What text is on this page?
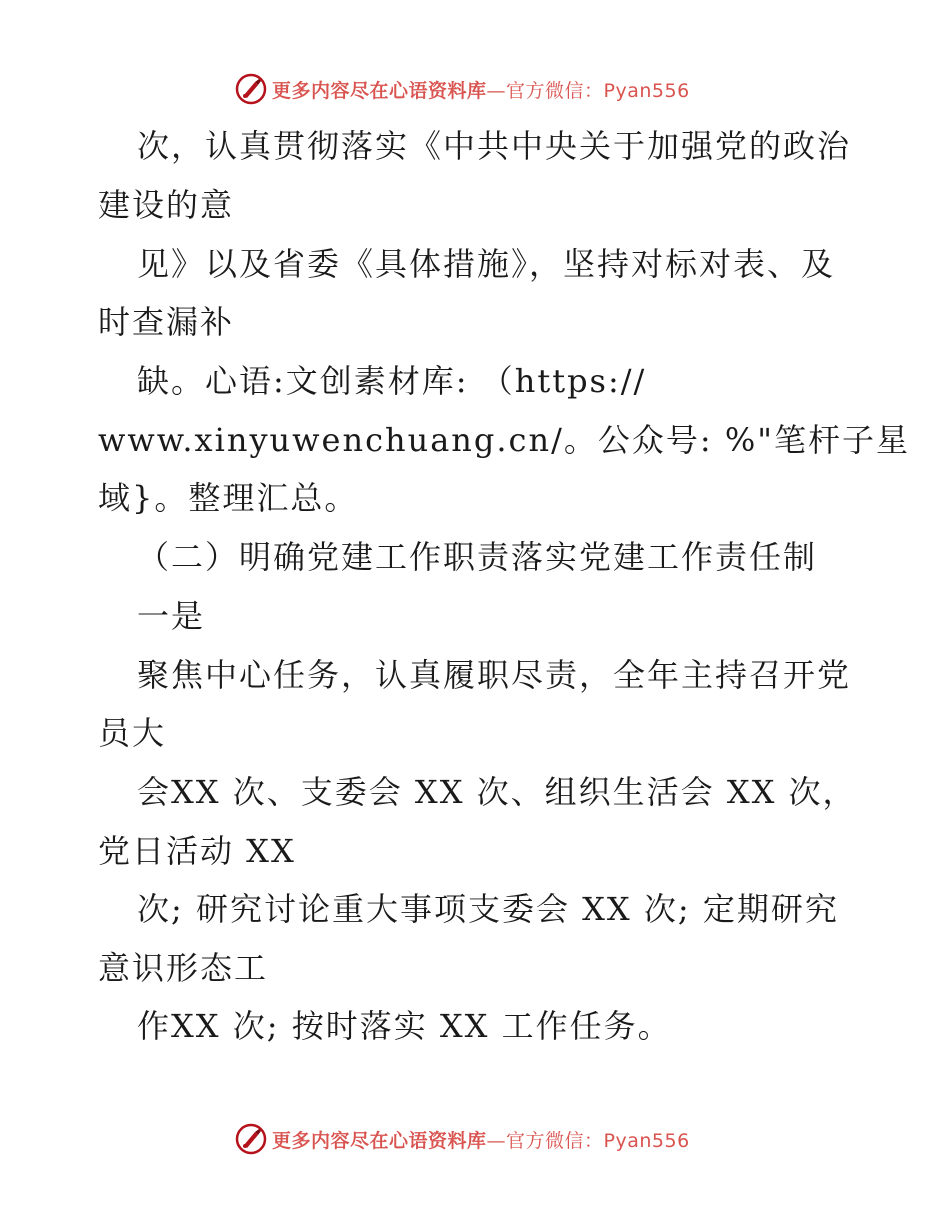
更多内容尽在心语资料库—官方微信：Pyan556
次，认真贯彻落实《中共中央关于加强党的政治
建设的意
见》以及省委《具体措施》，坚持对标对表、及
时查漏补
缺。心语:文创素材库: （https://
www.xinyuwenchuang.cn/。公众号: %"笔杆子星
域}。整理汇总。
（二）明确党建工作职责落实党建工作责任制
一是
聚焦中心任务，认真履职尽责，全年主持召开党
员大
会XX 次、支委会 XX 次、组织生活会 XX 次，
党日活动 XX
次; 研究讨论重大事项支委会 XX 次; 定期研究
意识形态工
作XX 次; 按时落实 XX 工作任务。
更多内容尽在心语资料库—官方微信：Pyan556
